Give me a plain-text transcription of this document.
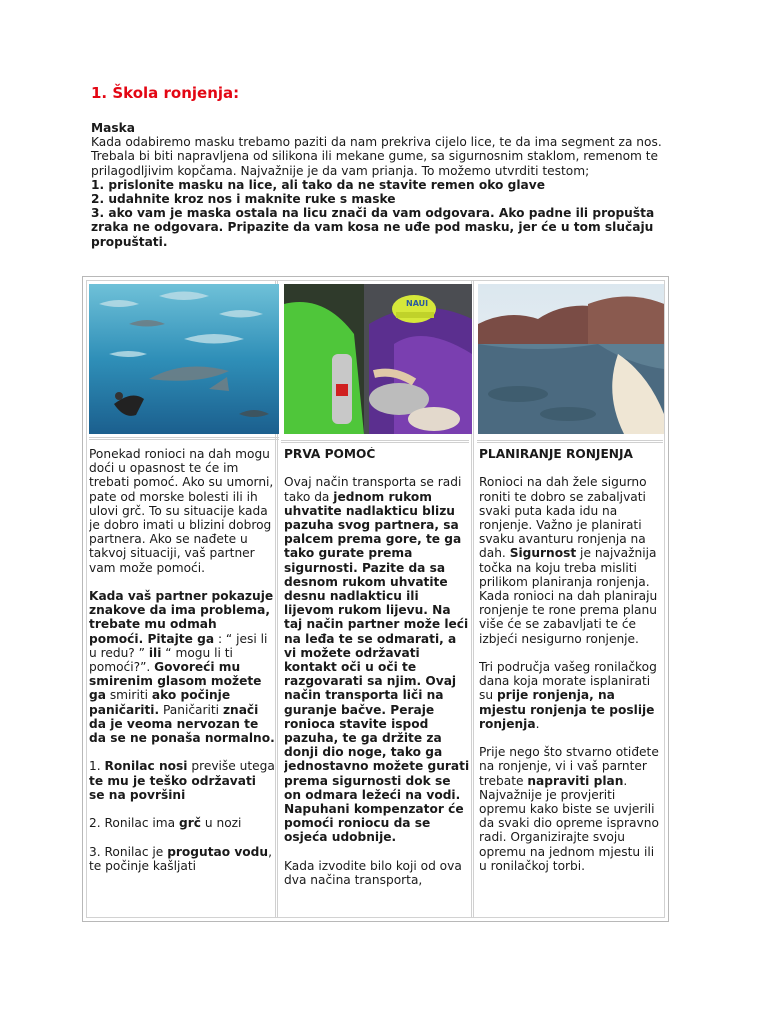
1. Škola ronjenja:

Maska

Kada odabiremo masku trebamo paziti da nam prekriva cijelo lice, te da ima segment za nos. Trebala bi biti napravljena od silikona ili mekane gume, sa sigurnosnim staklom, remenom te prilagodljivim kopčama. Najvažnije je da vam prianja. To možemo utvrditi testom;

1. prislonite masku na lice, ali tako da ne stavite remen oko glave

2. udahnite kroz nos i maknite ruke s maske

3. ako vam je maska ostala na licu znači da vam odgovara. Ako padne ili propušta zraka ne odgovara. Pripazite da vam kosa ne uđe pod masku, jer će u tom slučaju propuštati.

NAUI

Ponekad ronioci na dah mogu doći u opasnost te će im trebati pomoć. Ako su umorni, pate od morske bolesti ili ih ulovi grč. To su situacije kada je dobro imati u blizini dobrog partnera. Ako se nađete u takvoj situaciji, vaš partner vam može pomoći.

Kada vaš partner pokazuje znakove da ima problema, trebate mu odmah pomoći. Pitajte ga : “ jesi li u redu? ” ili “ mogu li ti pomoći?”. Govoreći mu smirenim glasom možete ga smiriti ako počinje paničariti. Paničariti znači da je veoma nervozan te da se ne ponaša normalno.

1. Ronilac nosi previše utega te mu je teško održavati se na površini

2. Ronilac ima grč u nozi

3. Ronilac je progutao vodu, te počinje kašljati

PRVA POMOĆ

Ovaj način transporta se radi tako da jednom rukom uhvatite nadlakticu blizu pazuha svog partnera, sa palcem prema gore, te ga tako gurate prema sigurnosti. Pazite da sa desnom rukom uhvatite desnu nadlakticu ili lijevom rukom lijevu. Na taj način partner može leći na leđa te se odmarati, a vi možete održavati kontakt oči u oči te razgovarati sa njim. Ovaj način transporta liči na guranje bačve. Peraje ronioca stavite ispod pazuha, te ga držite za donji dio noge, tako ga jednostavno možete gurati prema sigurnosti dok se on odmara ležeći na vodi. Napuhani kompenzator će pomoći roniocu da se osjeća udobnije.

Kada izvodite bilo koji od ova dva načina transporta,

PLANIRANJE RONJENJA

Ronioci na dah žele sigurno roniti te dobro se zabaljvati svaki puta kada idu na ronjenje. Važno je planirati svaku avanturu ronjenja na dah. Sigurnost je najvažnija točka na koju treba misliti prilikom planiranja ronjenja. Kada ronioci na dah planiraju ronjenje te rone prema planu više će se zabavljati te će izbjeći nesigurno ronjenje.

Tri područja vašeg ronilačkog dana koja morate isplanirati su prije ronjenja, na mjestu ronjenja te poslije ronjenja.

Prije nego što stvarno otiđete na ronjenje, vi i vaš parnter trebate napraviti plan. Najvažnije je provjeriti opremu kako biste se uvjerili da svaki dio opreme ispravno radi. Organizirajte svoju opremu na jednom mjestu ili u ronilačkoj torbi.
